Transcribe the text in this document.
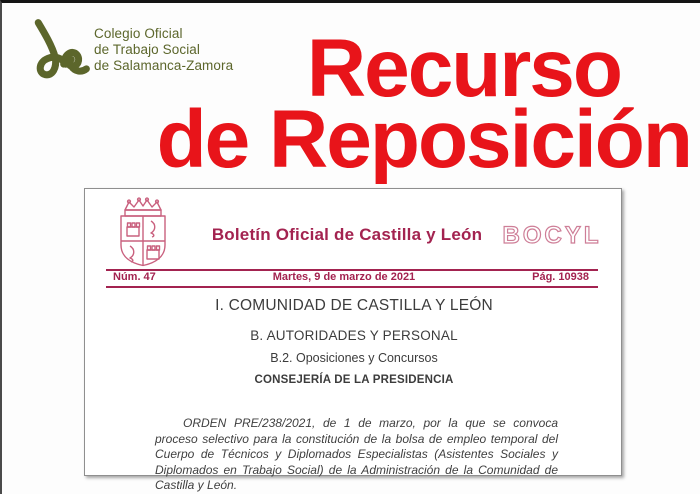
Colegio Oficial
de Trabajo Social
de Salamanca-Zamora Recurso
de Reposición
Boletín Oficial de Castilla y León BOCYL
Núm. 47	Martes, 9 de marzo de 2021	Pág. 10938
I. COMUNIDAD DE CASTILLA Y LEÓN
B. AUTORIDADES Y PERSONAL
B.2. Oposiciones y Concursos
CONSEJERÍA DE LA PRESIDENCIA
ORDEN PRE/238/2021, de 1 de marzo, por la que se convoca proceso selectivo para la constitución de la bolsa de empleo temporal del Cuerpo de Técnicos y Diplomados Especialistas (Asistentes Sociales y Diplomados en Trabajo Social) de la Administración de la Comunidad de Castilla y León.
